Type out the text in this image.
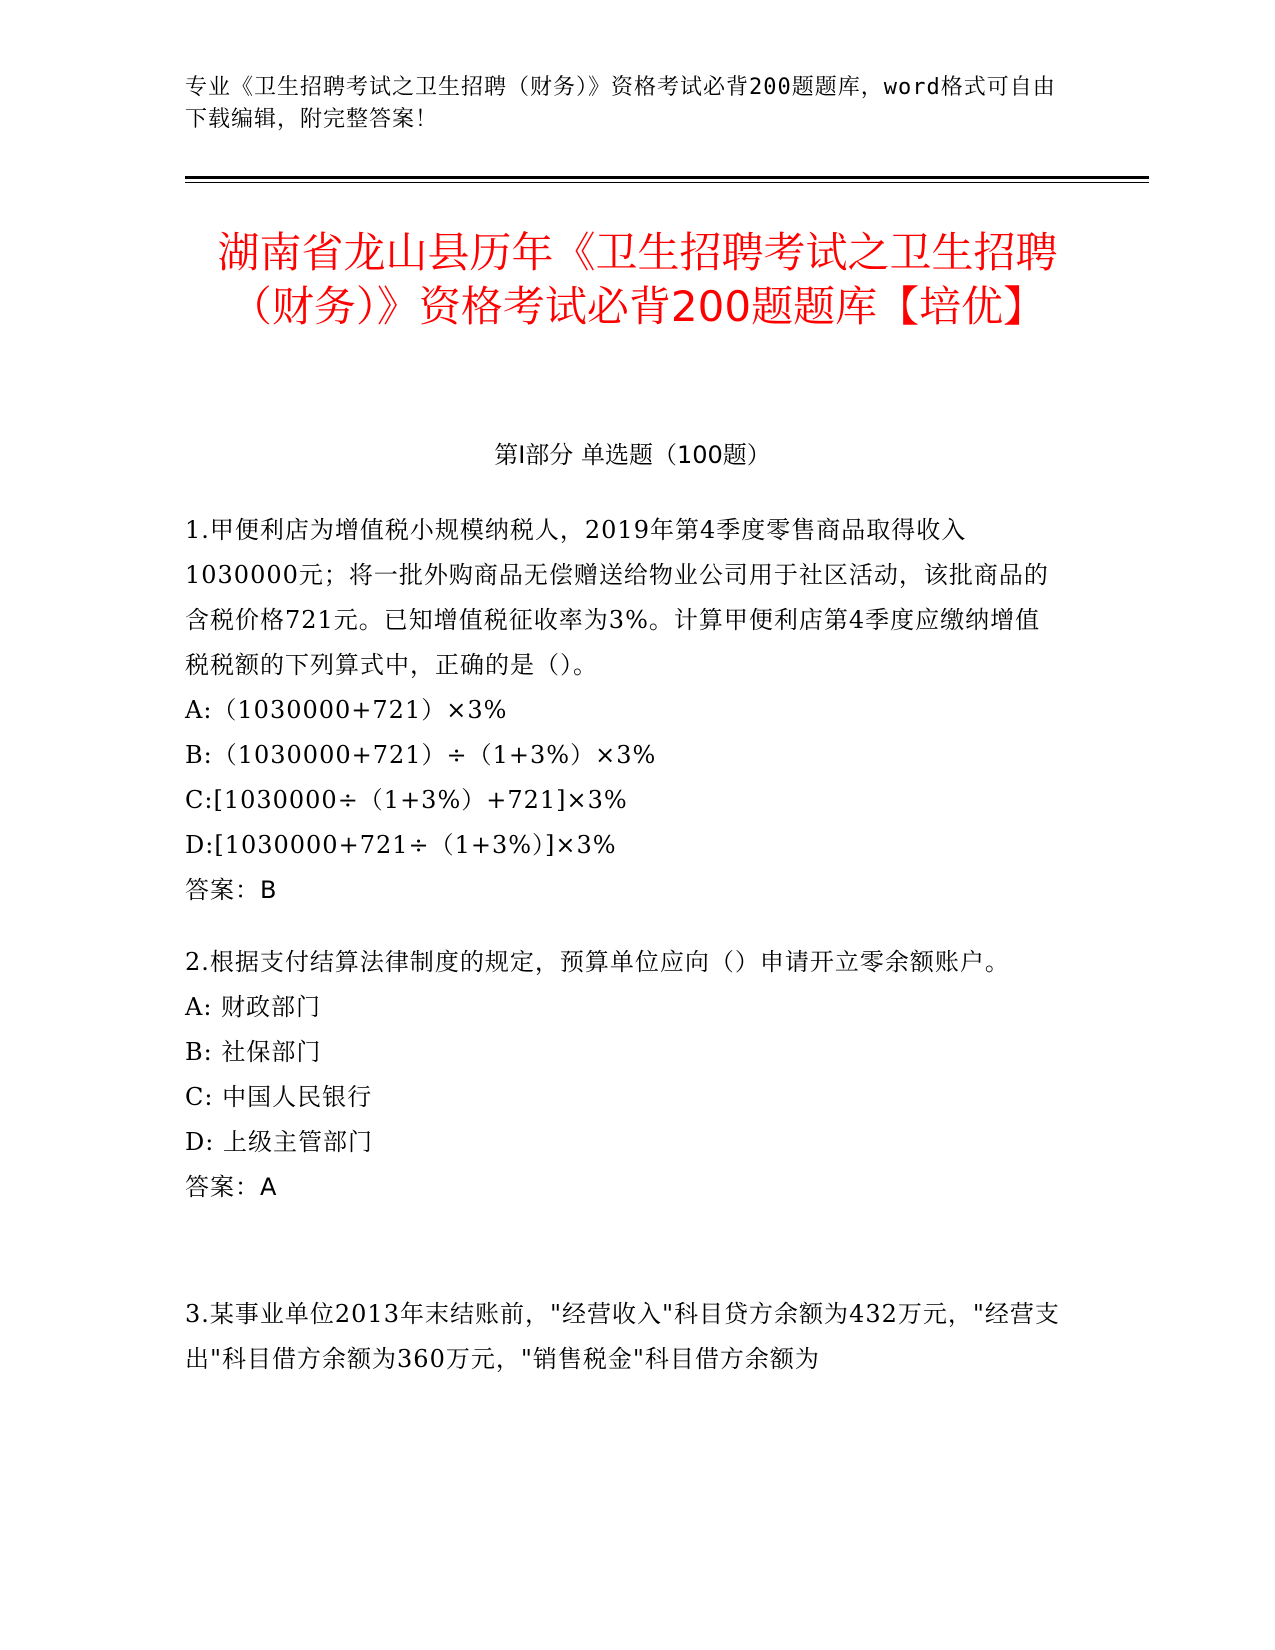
专业《卫生招聘考试之卫生招聘（财务）》资格考试必背200题题库，word格式可自由下载编辑，附完整答案！
湖南省龙山县历年《卫生招聘考试之卫生招聘（财务）》资格考试必背200题题库【培优】
第Ⅰ部分 单选题（100题）
1.甲便利店为增值税小规模纳税人，2019年第4季度零售商品取得收入1030000元；将一批外购商品无偿赠送给物业公司用于社区活动，该批商品的含税价格721元。已知增值税征收率为3%。计算甲便利店第4季度应缴纳增值税税额的下列算式中，正确的是（）。
A:（1030000+721）×3%
B:（1030000+721）÷（1+3%）×3%
C:[1030000÷（1+3%）+721]×3%
D:[1030000+721÷（1+3%）]×3%
答案：B
2.根据支付结算法律制度的规定，预算单位应向（）申请开立零余额账户。
A: 财政部门
B: 社保部门
C: 中国人民银行
D: 上级主管部门
答案：A
3.某事业单位2013年末结账前，"经营收入"科目贷方余额为432万元，"经营支出"科目借方余额为360万元，"销售税金"科目借方余额为
